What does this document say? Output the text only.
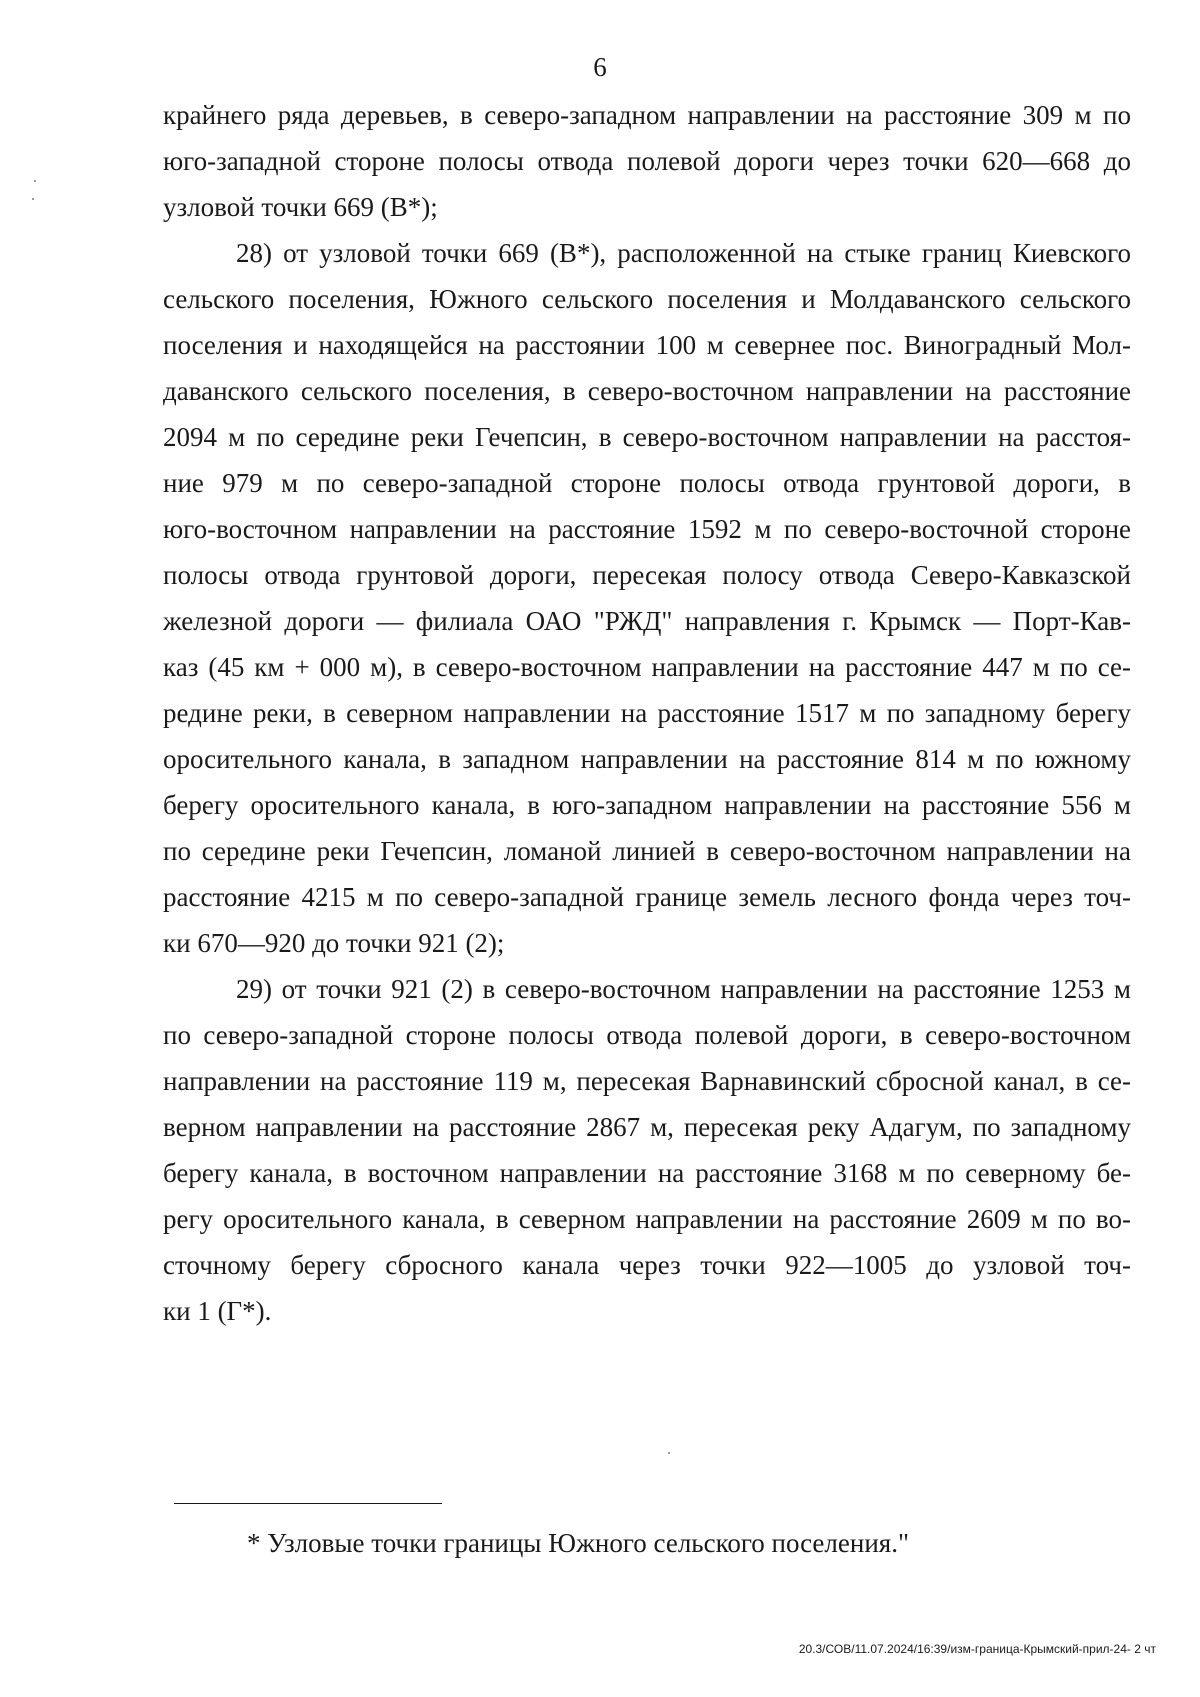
6
крайнего ряда деревьев, в северо-западном направлении на расстояние 309 м по
юго-западной стороне полосы отвода полевой дороги через точки 620—668 до
узловой точки 669 (В*);
28) от узловой точки 669 (В*), расположенной на стыке границ Киевского
сельского поселения, Южного сельского поселения и Молдаванского сельского
поселения и находящейся на расстоянии 100 м севернее пос. Виноградный Мол-
даванского сельского поселения, в северо-восточном направлении на расстояние
2094 м по середине реки Гечепсин, в северо-восточном направлении на расстоя-
ние 979 м по северо-западной стороне полосы отвода грунтовой дороги, в
юго-восточном направлении на расстояние 1592 м по северо-восточной стороне
полосы отвода грунтовой дороги, пересекая полосу отвода Северо-Кавказской
железной дороги — филиала ОАО "РЖД" направления г. Крымск — Порт-Кав-
каз (45 км + 000 м), в северо-восточном направлении на расстояние 447 м по се-
редине реки, в северном направлении на расстояние 1517 м по западному берегу
оросительного канала, в западном направлении на расстояние 814 м по южному
берегу оросительного канала, в юго-западном направлении на расстояние 556 м
по середине реки Гечепсин, ломаной линией в северо-восточном направлении на
расстояние 4215 м по северо-западной границе земель лесного фонда через точ-
ки 670—920 до точки 921 (2);
29) от точки 921 (2) в северо-восточном направлении на расстояние 1253 м
по северо-западной стороне полосы отвода полевой дороги, в северо-восточном
направлении на расстояние 119 м, пересекая Варнавинский сбросной канал, в се-
верном направлении на расстояние 2867 м, пересекая реку Адагум, по западному
берегу канала, в восточном направлении на расстояние 3168 м по северному бе-
регу оросительного канала, в северном направлении на расстояние 2609 м по во-
сточному берегу сбросного канала через точки 922—1005 до узловой точ-
ки 1 (Г*).
* Узловые точки границы Южного сельского поселения."
20.3/СОВ/11.07.2024/16:39/изм-граница-Крымский-прил-24- 2 чт
